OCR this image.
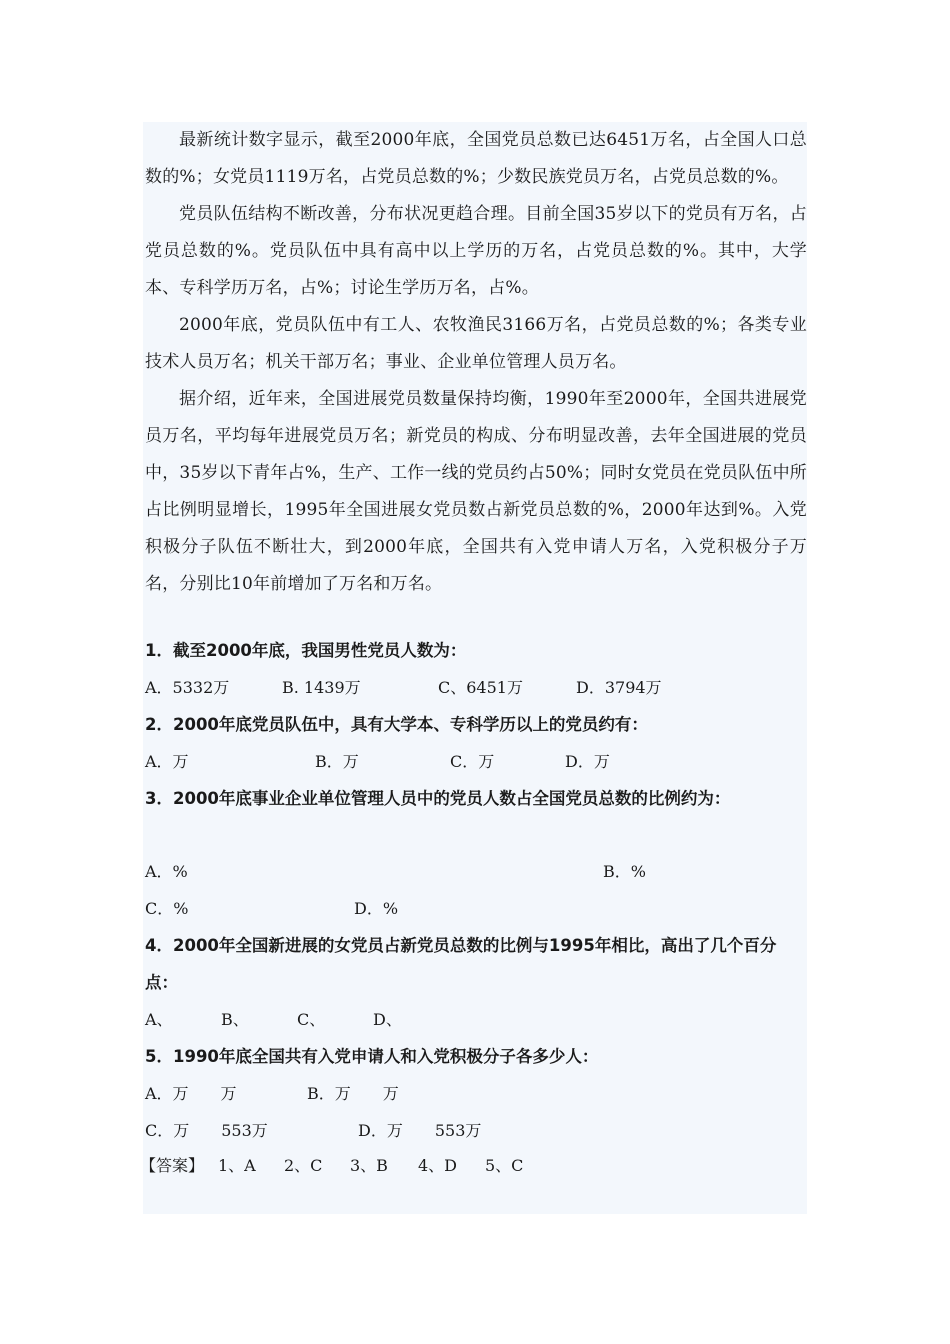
最新统计数字显示，截至2000年底，全国党员总数已达6451万名，占全国人口总数的%；女党员1119万名，占党员总数的%；少数民族党员万名，占党员总数的%。

党员队伍结构不断改善，分布状况更趋合理。目前全国35岁以下的党员有万名，占党员总数的%。党员队伍中具有高中以上学历的万名，占党员总数的%。其中，大学本、专科学历万名，占%；讨论生学历万名，占%。

2000年底，党员队伍中有工人、农牧渔民3166万名，占党员总数的%；各类专业技术人员万名；机关干部万名；事业、企业单位管理人员万名。

据介绍，近年来，全国进展党员数量保持均衡，1990年至2000年，全国共进展党员万名，平均每年进展党员万名；新党员的构成、分布明显改善，去年全国进展的党员中，35岁以下青年占%，生产、工作一线的党员约占50%；同时女党员在党员队伍中所占比例明显增长，1995年全国进展女党员数占新党员总数的%，2000年达到%。入党积极分子队伍不断壮大，到2000年底，全国共有入党申请人万名，入党积极分子万名，分别比10年前增加了万名和万名。

1．截至2000年底，我国男性党员人数为：

A．5332万	B. 1439万	C、6451万	D．3794万

2．2000年底党员队伍中，具有大学本、专科学历以上的党员约有：

A．万	B．万	C．万	D．万

3．2000年底事业企业单位管理人员中的党员人数占全国党员总数的比例约为：

A．%	B．%
C．%	D．%

4．2000年全国新进展的女党员占新党员总数的比例与1995年相比，高出了几个百分点：

A、	B、	C、	D、

5．1990年底全国共有入党申请人和入党积极分子各多少人：

A．万　　万	B．万　　万
C．万　　553万	D．万　　553万
【答案】 1、A 2、C 3、B 4、D 5、C
